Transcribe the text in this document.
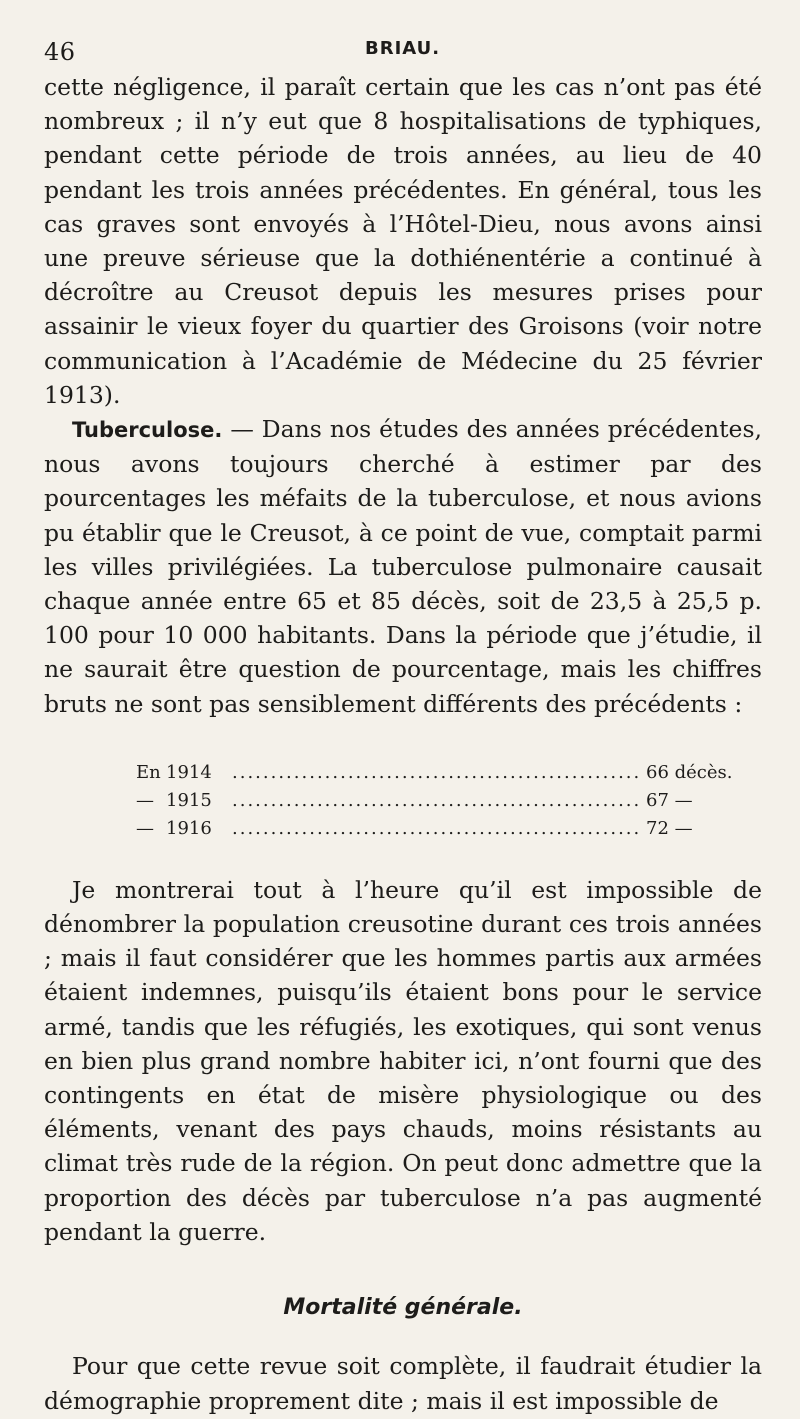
46	BRIAU.

cette négligence, il paraît certain que les cas n’ont pas été nombreux ; il n’y eut que 8 hospitalisations de typhiques, pendant cette période de trois années, au lieu de 40 pendant les trois années précédentes. En général, tous les cas graves sont envoyés à l’Hôtel-Dieu, nous avons ainsi une preuve sérieuse que la dothiénentérie a continué à décroître au Creusot depuis les mesures prises pour assainir le vieux foyer du quartier des Groisons (voir notre communication à l’Académie de Médecine du 25 février 1913).

Tuberculose. — Dans nos études des années précédentes, nous avons toujours cherché à estimer par des pourcentages les méfaits de la tuberculose, et nous avions pu établir que le Creusot, à ce point de vue, comptait parmi les villes privilégiées. La tuberculose pulmonaire causait chaque année entre 65 et 85 décès, soit de 23,5 à 25,5 p. 100 pour 10 000 habitants. Dans la période que j’étudie, il ne saurait être question de pourcentage, mais les chiffres bruts ne sont pas sensiblement différents des précédents :

En 1914 .....	66 décès.
— 1915 .....	67 —
— 1916 .....	72 —

Je montrerai tout à l’heure qu’il est impossible de dénombrer la population creusotine durant ces trois années ; mais il faut considérer que les hommes partis aux armées étaient indemnes, puisqu’ils étaient bons pour le service armé, tandis que les réfugiés, les exotiques, qui sont venus en bien plus grand nombre habiter ici, n’ont fourni que des contingents en état de misère physiologique ou des éléments, venant des pays chauds, moins résistants au climat très rude de la région. On peut donc admettre que la proportion des décès par tuberculose n’a pas augmenté pendant la guerre.

Mortalité générale.

Pour que cette revue soit complète, il faudrait étudier la démographie proprement dite ; mais il est impossible de
